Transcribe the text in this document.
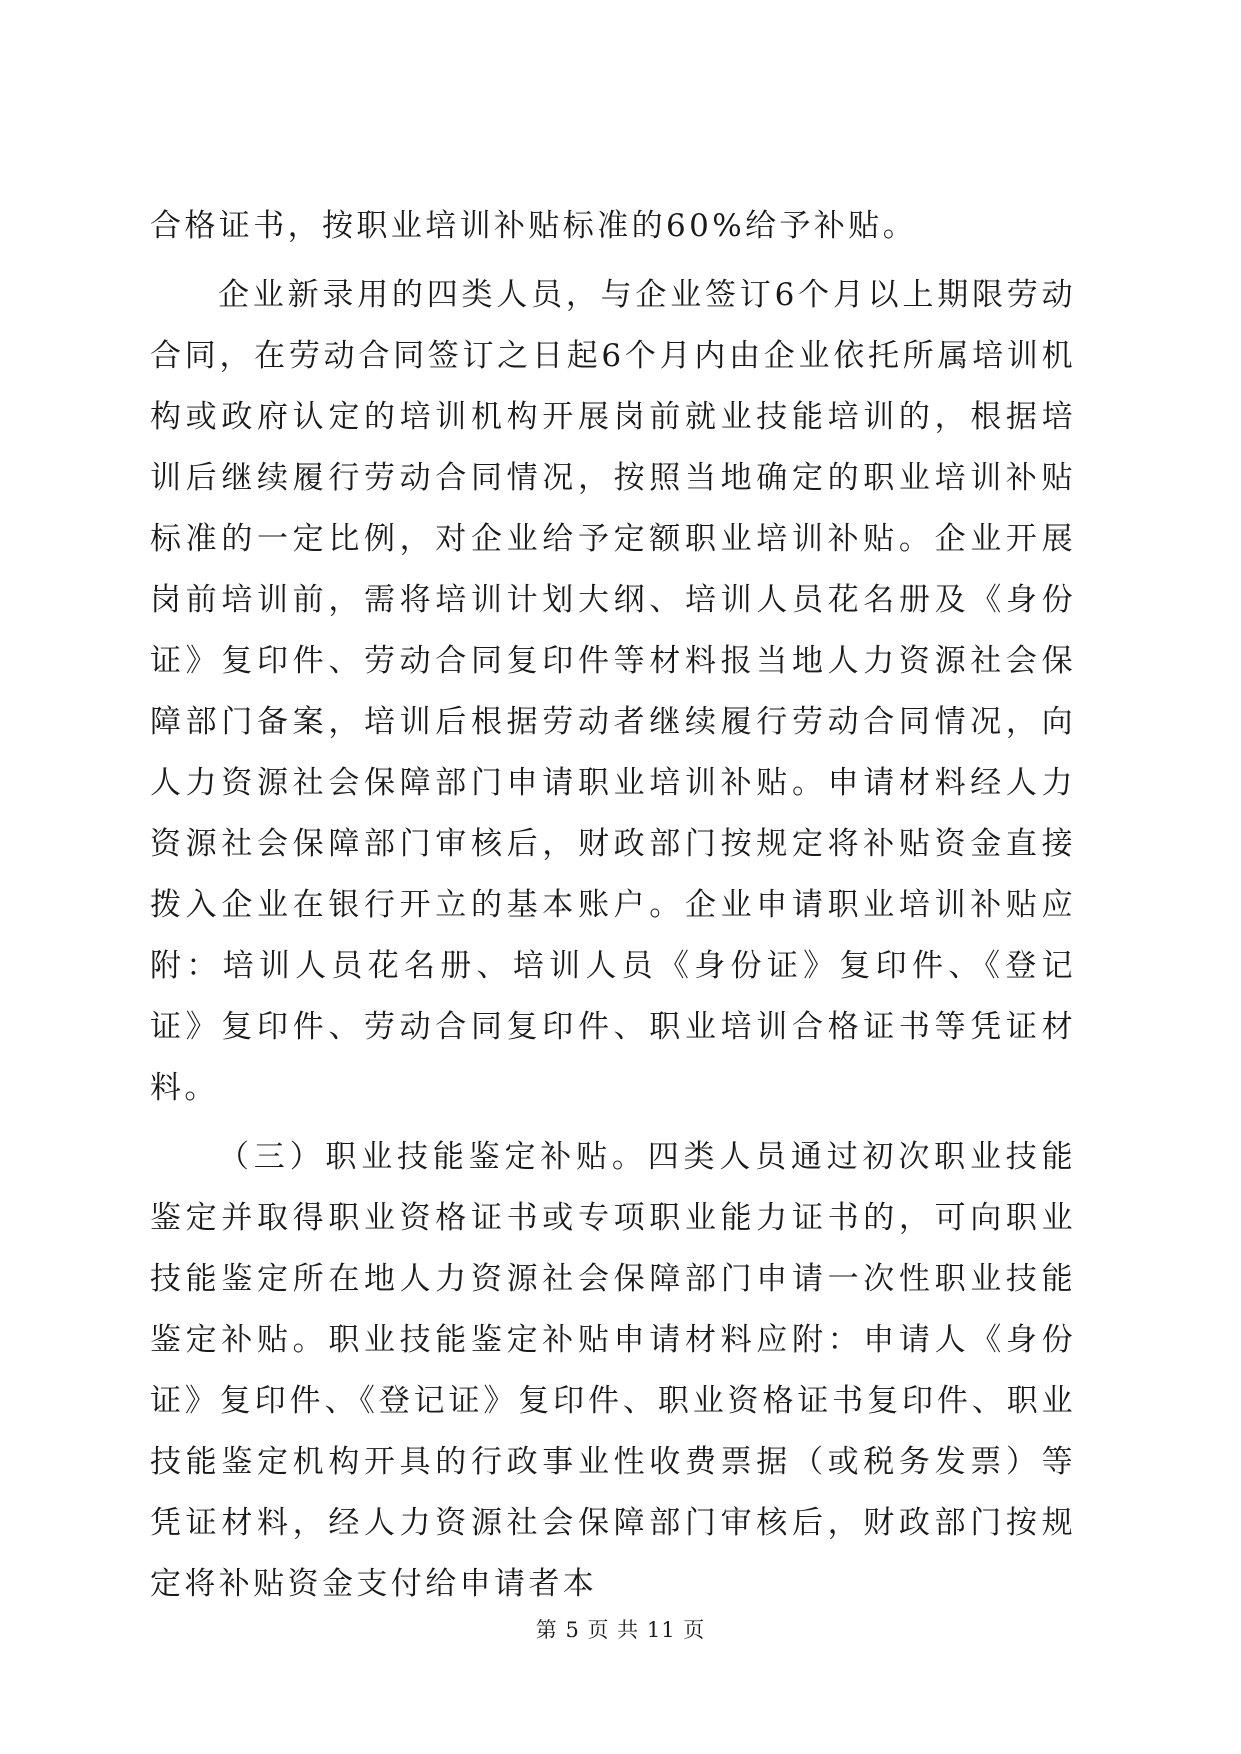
合格证书，按职业培训补贴标准的60%给予补贴。

企业新录用的四类人员，与企业签订6个月以上期限劳动合同，在劳动合同签订之日起6个月内由企业依托所属培训机构或政府认定的培训机构开展岗前就业技能培训的，根据培训后继续履行劳动合同情况，按照当地确定的职业培训补贴标准的一定比例，对企业给予定额职业培训补贴。企业开展岗前培训前，需将培训计划大纲、培训人员花名册及《身份证》复印件、劳动合同复印件等材料报当地人力资源社会保障部门备案，培训后根据劳动者继续履行劳动合同情况，向人力资源社会保障部门申请职业培训补贴。申请材料经人力资源社会保障部门审核后，财政部门按规定将补贴资金直接拨入企业在银行开立的基本账户。企业申请职业培训补贴应附：培训人员花名册、培训人员《身份证》复印件、《登记证》复印件、劳动合同复印件、职业培训合格证书等凭证材料。

（三）职业技能鉴定补贴。四类人员通过初次职业技能鉴定并取得职业资格证书或专项职业能力证书的，可向职业技能鉴定所在地人力资源社会保障部门申请一次性职业技能鉴定补贴。职业技能鉴定补贴申请材料应附：申请人《身份证》复印件、《登记证》复印件、职业资格证书复印件、职业技能鉴定机构开具的行政事业性收费票据（或税务发票）等凭证材料，经人力资源社会保障部门审核后，财政部门按规定将补贴资金支付给申请者本

第 5 页 共 11 页
